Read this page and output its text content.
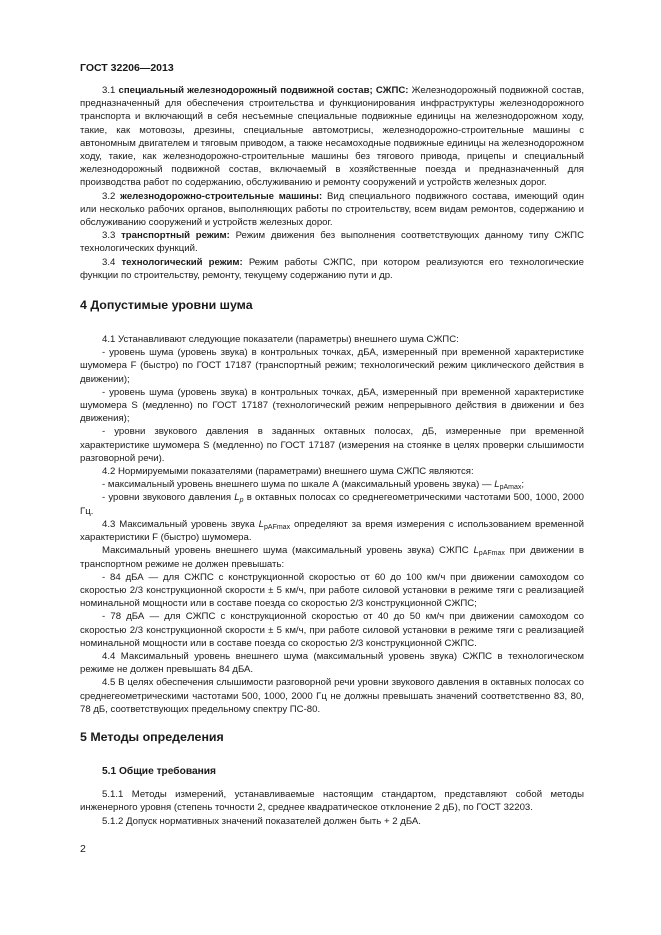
ГОСТ 32206—2013

3.1 специальный железнодорожный подвижной состав; СЖПС: Железнодорожный подвижной состав, предназначенный для обеспечения строительства и функционирования инфраструктуры железнодорожного транспорта и включающий в себя несъемные специальные подвижные единицы на железнодорожном ходу, такие, как мотовозы, дрезины, специальные автомотрисы, железнодорожно-строительные машины с автономным двигателем и тяговым приводом, а также несамоходные подвижные единицы на железнодорожном ходу, такие, как железнодорожно-строительные машины без тягового привода, прицепы и специальный железнодорожный подвижной состав, включаемый в хозяйственные поезда и предназначенный для производства работ по содержанию, обслуживанию и ремонту сооружений и устройств железных дорог.

3.2 железнодорожно-строительные машины: Вид специального подвижного состава, имеющий один или несколько рабочих органов, выполняющих работы по строительству, всем видам ремонтов, содержанию и обслуживанию сооружений и устройств железных дорог.

3.3 транспортный режим: Режим движения без выполнения соответствующих данному типу СЖПС технологических функций.

3.4 технологический режим: Режим работы СЖПС, при котором реализуются его технологические функции по строительству, ремонту, текущему содержанию пути и др.

4 Допустимые уровни шума

4.1 Устанавливают следующие показатели (параметры) внешнего шума СЖПС:

- уровень шума (уровень звука) в контрольных точках, дБА, измеренный при временной характеристике шумомера F (быстро) по ГОСТ 17187 (транспортный режим; технологический режим циклического действия в движении);

- уровень шума (уровень звука) в контрольных точках, дБА, измеренный при временной характеристике шумомера S (медленно) по ГОСТ 17187 (технологический режим непрерывного действия в движении и без движения);

- уровни звукового давления в заданных октавных полосах, дБ, измеренные при временной характеристике шумомера S (медленно) по ГОСТ 17187 (измерения на стоянке в целях проверки слышимости разговорной речи).

4.2 Нормируемыми показателями (параметрами) внешнего шума СЖПС являются:

- максимальный уровень внешнего шума по шкале А (максимальный уровень звука) — $L_{pAmax}$;

- уровни звукового давления $L_p$ в октавных полосах со среднегеометрическими частотами 500, 1000, 2000 Гц.

4.3 Максимальный уровень звука $L_{pAFmax}$ определяют за время измерения с использованием временной характеристики F (быстро) шумомера.

Максимальный уровень внешнего шума (максимальный уровень звука) СЖПС $L_{pAFmax}$ при движении в транспортном режиме не должен превышать:

- 84 дБА — для СЖПС с конструкционной скоростью от 60 до 100 км/ч при движении самоходом со скоростью 2/3 конструкционной скорости ± 5 км/ч, при работе силовой установки в режиме тяги с реализацией номинальной мощности или в составе поезда со скоростью 2/3 конструкционной СЖПС;

- 78 дБА — для СЖПС с конструкционной скоростью от 40 до 50 км/ч при движении самоходом со скоростью 2/3 конструкционной скорости ± 5 км/ч, при работе силовой установки в режиме тяги с реализацией номинальной мощности или в составе поезда со скоростью 2/3 конструкционной СЖПС.

4.4 Максимальный уровень внешнего шума (максимальный уровень звука) СЖПС в технологическом режиме не должен превышать 84 дБА.

4.5 В целях обеспечения слышимости разговорной речи уровни звукового давления в октавных полосах со среднегеометрическими частотами 500, 1000, 2000 Гц не должны превышать значений соответственно 83, 80, 78 дБ, соответствующих предельному спектру ПС-80.

5 Методы определения

5.1 Общие требования

5.1.1 Методы измерений, устанавливаемые настоящим стандартом, представляют собой методы инженерного уровня (степень точности 2, среднее квадратическое отклонение 2 дБ), по ГОСТ 32203.

5.1.2 Допуск нормативных значений показателей должен быть + 2 дБА.

2
